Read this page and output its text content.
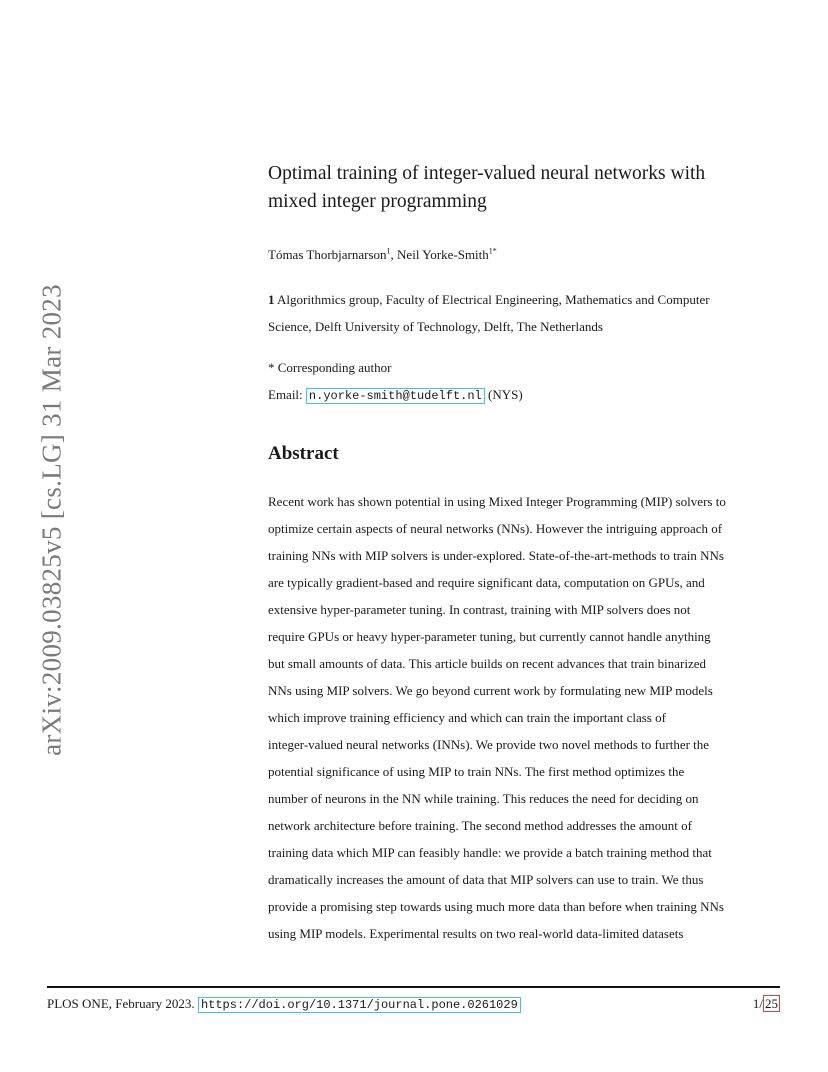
arXiv:2009.03825v5 [cs.LG] 31 Mar 2023
Optimal training of integer-valued neural networks with
mixed integer programming
Tómas Thorbjarnarson$^1$, Neil Yorke-Smith$^{1*}$
1 Algorithmics group, Faculty of Electrical Engineering, Mathematics and Computer
Science, Delft University of Technology, Delft, The Netherlands
* Corresponding author
Email: n.yorke-smith@tudelft.nl (NYS)
Abstract
Recent work has shown potential in using Mixed Integer Programming (MIP) solvers to
optimize certain aspects of neural networks (NNs). However the intriguing approach of
training NNs with MIP solvers is under-explored. State-of-the-art-methods to train NNs
are typically gradient-based and require significant data, computation on GPUs, and
extensive hyper-parameter tuning. In contrast, training with MIP solvers does not
require GPUs or heavy hyper-parameter tuning, but currently cannot handle anything
but small amounts of data. This article builds on recent advances that train binarized
NNs using MIP solvers. We go beyond current work by formulating new MIP models
which improve training efficiency and which can train the important class of
integer-valued neural networks (INNs). We provide two novel methods to further the
potential significance of using MIP to train NNs. The first method optimizes the
number of neurons in the NN while training. This reduces the need for deciding on
network architecture before training. The second method addresses the amount of
training data which MIP can feasibly handle: we provide a batch training method that
dramatically increases the amount of data that MIP solvers can use to train. We thus
provide a promising step towards using much more data than before when training NNs
using MIP models. Experimental results on two real-world data-limited datasets
PLOS ONE, February 2023. https://doi.org/10.1371/journal.pone.0261029	1/ 25
